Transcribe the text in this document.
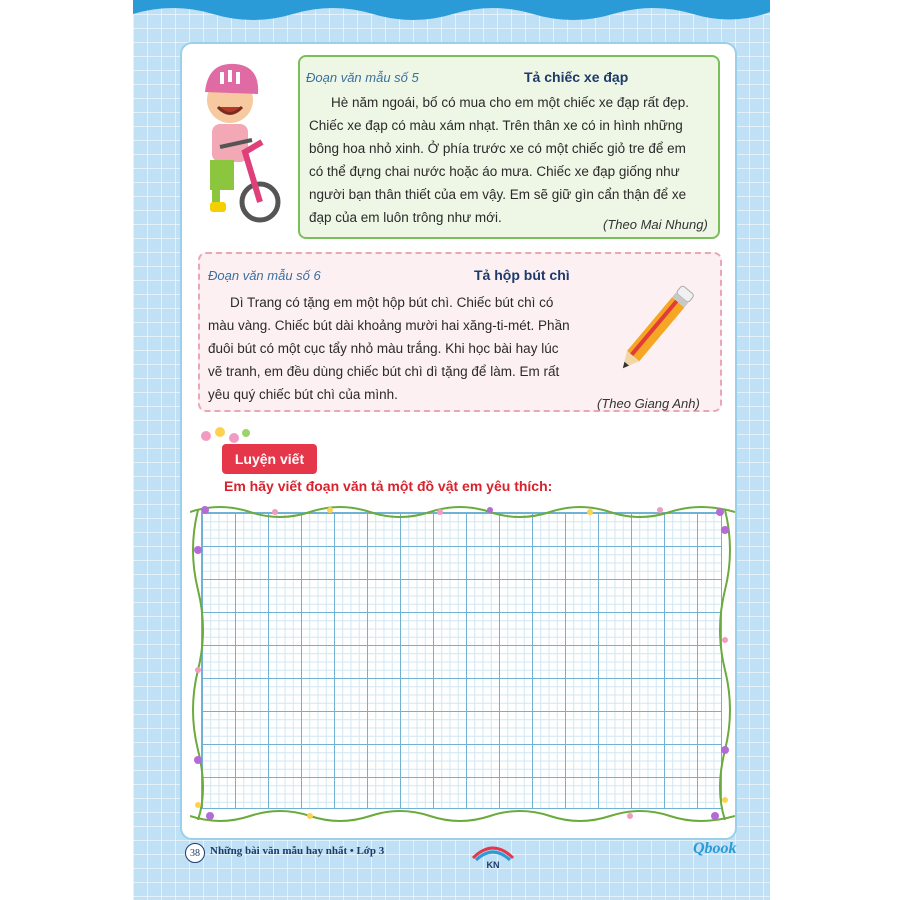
Đoạn văn mẫu số 5	Tả chiếc xe đạp
Hè năm ngoái, bố có mua cho em một chiếc xe đạp rất đẹp.
Chiếc xe đạp có màu xám nhạt. Trên thân xe có in hình những
bông hoa nhỏ xinh. Ở phía trước xe có một chiếc giỏ tre để em
có thể đựng chai nước hoặc áo mưa. Chiếc xe đạp giống như
người bạn thân thiết của em vậy. Em sẽ giữ gìn cẩn thận để xe
đạp của em luôn trông như mới.	(Theo Mai Nhung)
Đoạn văn mẫu số 6	Tả hộp bút chì
Dì Trang có tặng em một hộp bút chì. Chiếc bút chì có
màu vàng. Chiếc bút dài khoảng mười hai xăng-ti-mét. Phần
đuôi bút có một cục tẩy nhỏ màu trắng. Khi học bài hay lúc
vẽ tranh, em đều dùng chiếc bút chì dì tặng để làm. Em rất
yêu quý chiếc bút chì của mình.
(Theo Giang Anh)
Luyện viết
Em hãy viết đoạn văn tả một đồ vật em yêu thích:
38 Những bài văn mẫu hay nhất • Lớp 3
KN
Qbook
